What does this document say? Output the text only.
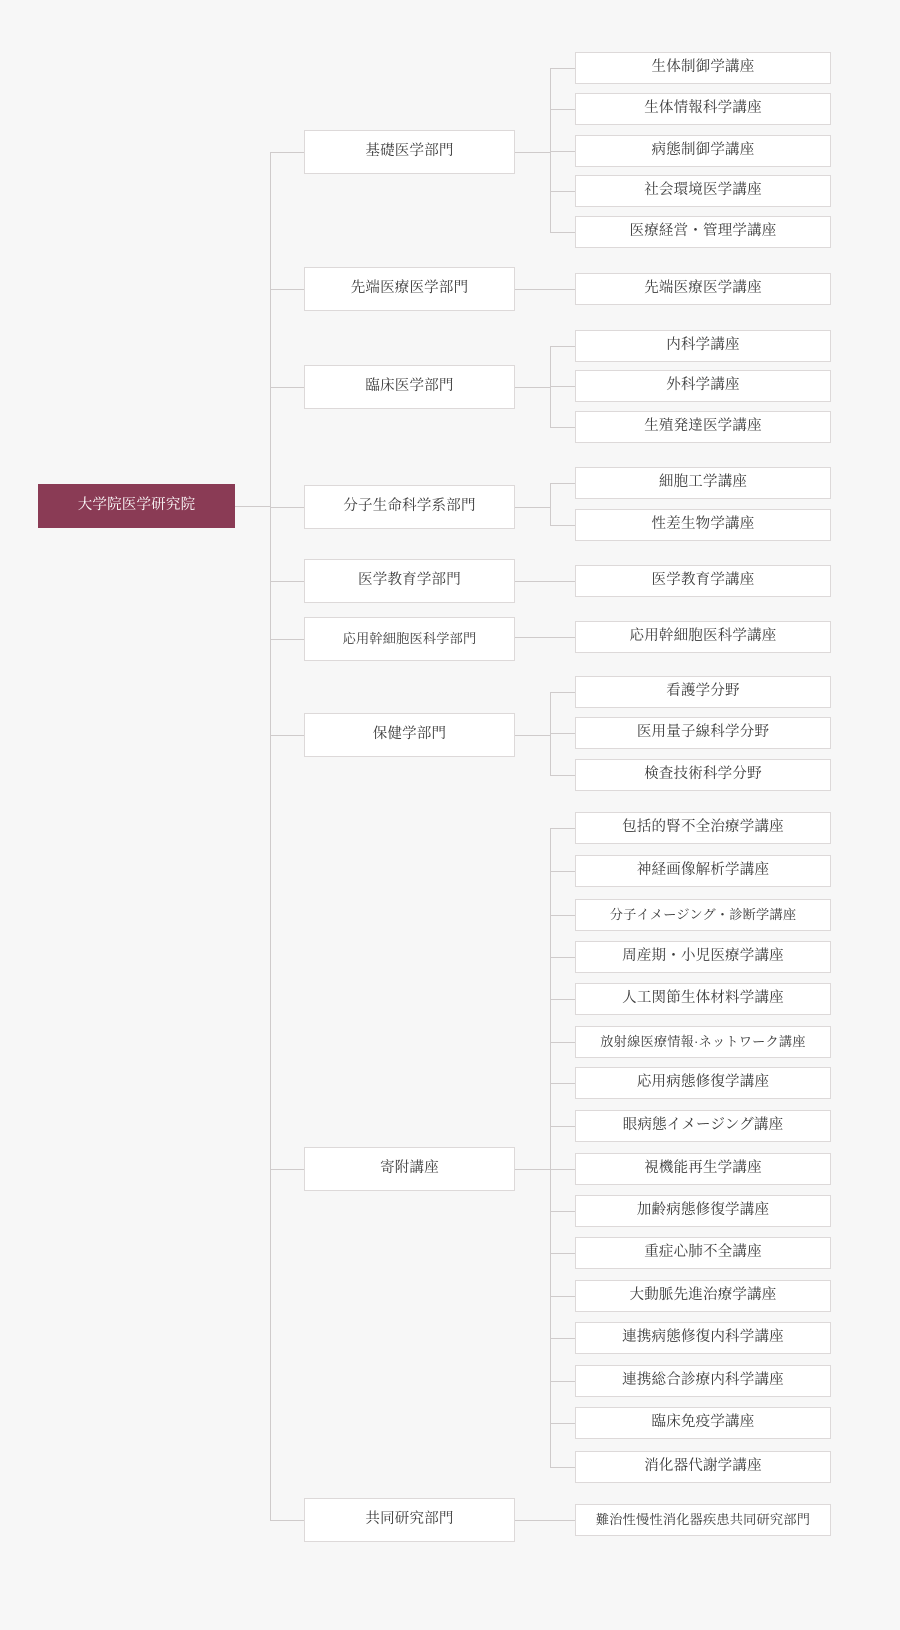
大学院医学研究院
基礎医学部門
生体制御学講座
生体情報科学講座
病態制御学講座
社会環境医学講座
医療経営・管理学講座
先端医療医学部門	先端医療医学講座
臨床医学部門
内科学講座
外科学講座
生殖発達医学講座
分子生命科学系部門
細胞工学講座
性差生物学講座
医学教育学部門	医学教育学講座
応用幹細胞医科学部門	応用幹細胞医科学講座
保健学部門
看護学分野
医用量子線科学分野
検査技術科学分野
寄附講座
包括的腎不全治療学講座
神経画像解析学講座
分子イメージング・診断学講座
周産期・小児医療学講座
人工関節生体材料学講座
放射線医療情報·ネットワーク講座
応用病態修復学講座
眼病態イメージング講座
視機能再生学講座
加齢病態修復学講座
重症心肺不全講座
大動脈先進治療学講座
連携病態修復内科学講座
連携総合診療内科学講座
臨床免疫学講座
消化器代謝学講座
共同研究部門	難治性慢性消化器疾患共同研究部門
